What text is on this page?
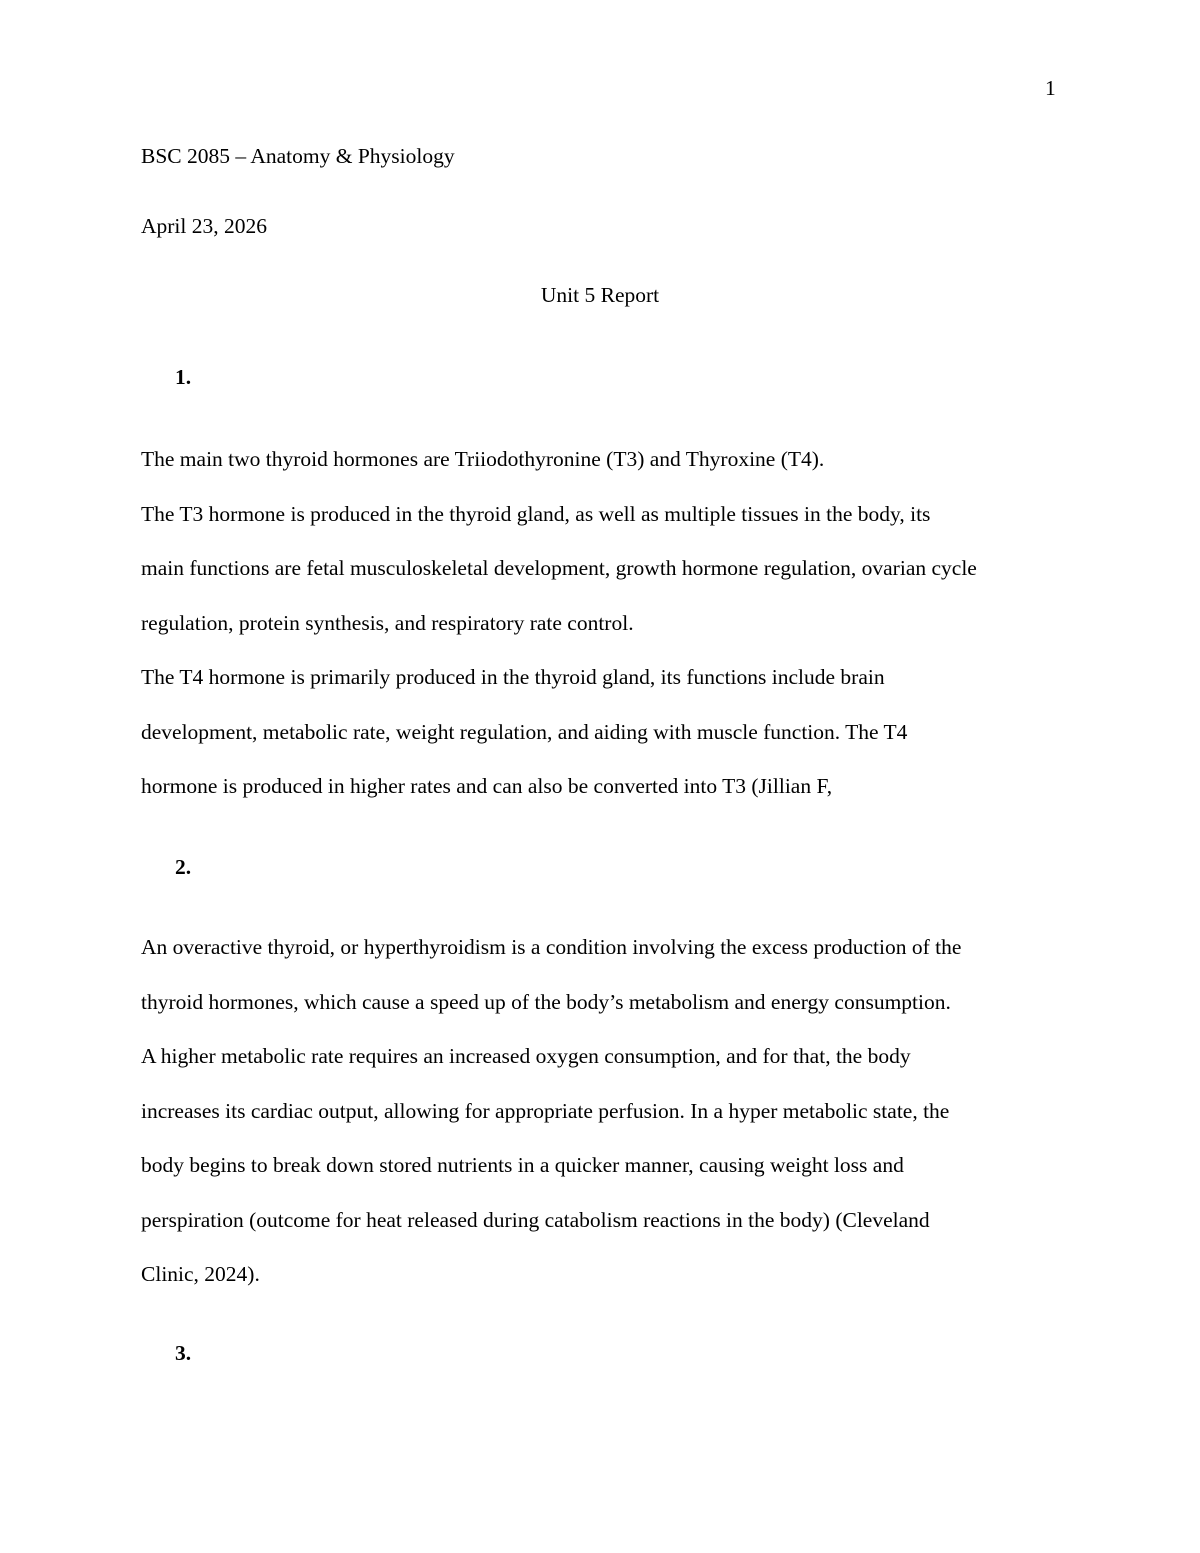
1
BSC 2085 – Anatomy & Physiology
April 23, 2026
Unit 5 Report
1.
The main two thyroid hormones are Triiodothyronine (T3) and Thyroxine (T4).
The T3 hormone is produced in the thyroid gland, as well as multiple tissues in the body, its
main functions are fetal musculoskeletal development, growth hormone regulation, ovarian cycle
regulation, protein synthesis, and respiratory rate control.
The T4 hormone is primarily produced in the thyroid gland, its functions include brain
development, metabolic rate, weight regulation, and aiding with muscle function. The T4
hormone is produced in higher rates and can also be converted into T3 (Jillian F,
2.
An overactive thyroid, or hyperthyroidism is a condition involving the excess production of the
thyroid hormones, which cause a speed up of the body’s metabolism and energy consumption.
A higher metabolic rate requires an increased oxygen consumption, and for that, the body
increases its cardiac output, allowing for appropriate perfusion. In a hyper metabolic state, the
body begins to break down stored nutrients in a quicker manner, causing weight loss and
perspiration (outcome for heat released during catabolism reactions in the body) (Cleveland
Clinic, 2024).
3.
